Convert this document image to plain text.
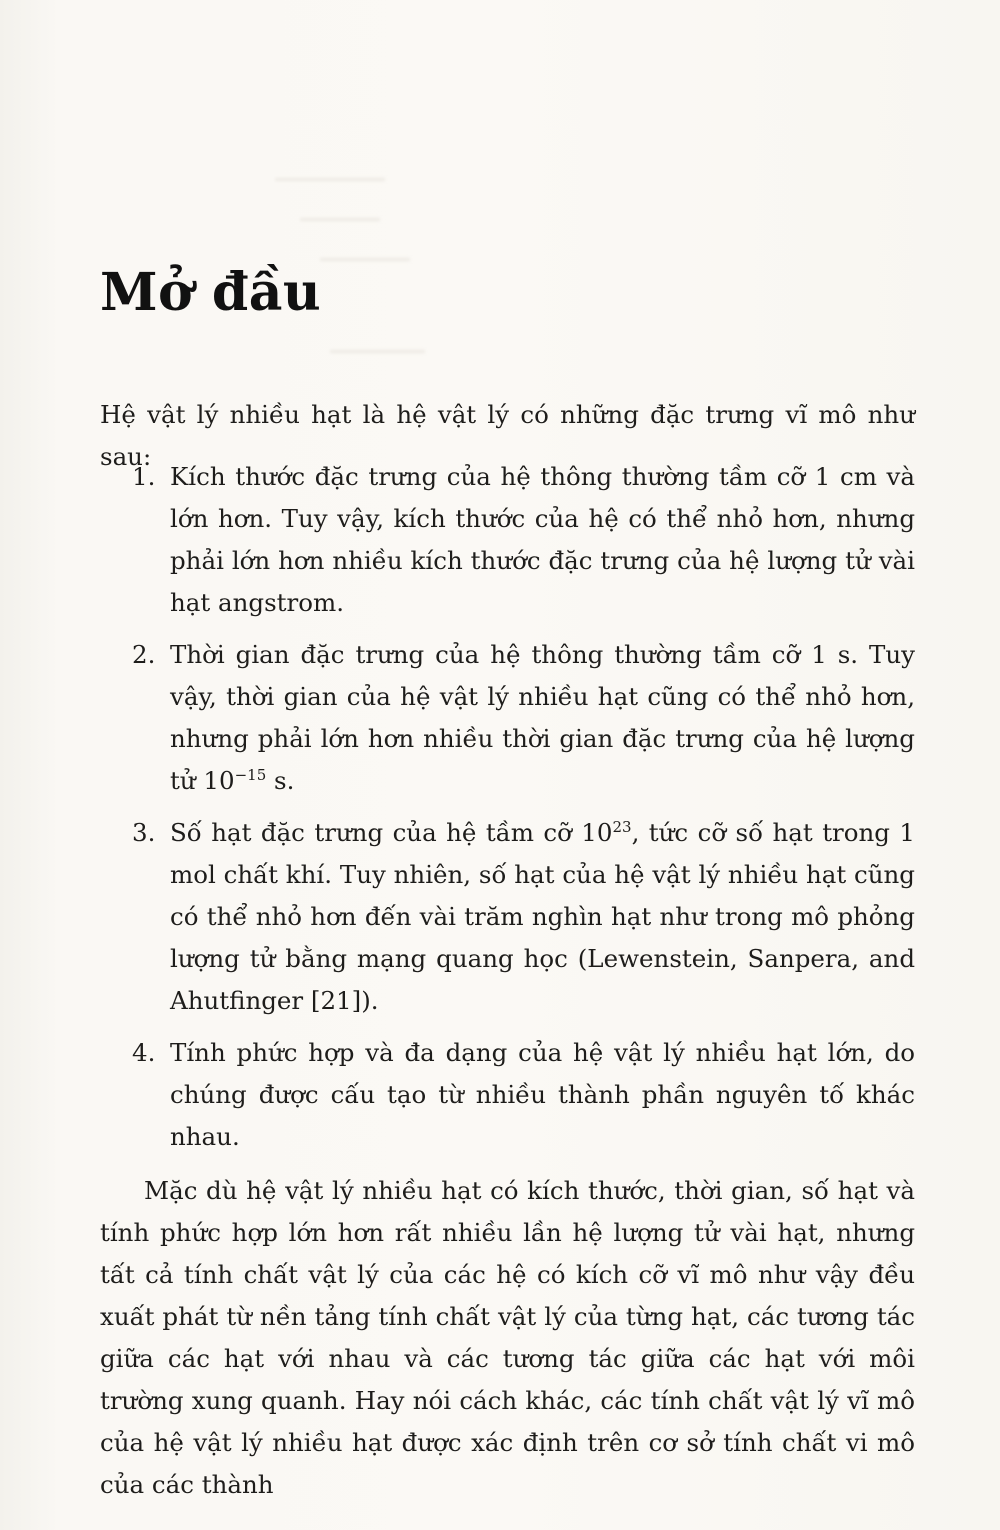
Mở đầu

Hệ vật lý nhiều hạt là hệ vật lý có những đặc trưng vĩ mô như sau:

1. Kích thước đặc trưng của hệ thông thường tầm cỡ 1 cm và lớn hơn. Tuy vậy, kích thước của hệ có thể nhỏ hơn, nhưng phải lớn hơn nhiều kích thước đặc trưng của hệ lượng tử vài hạt angstrom.
2. Thời gian đặc trưng của hệ thông thường tầm cỡ 1 s. Tuy vậy, thời gian của hệ vật lý nhiều hạt cũng có thể nhỏ hơn, nhưng phải lớn hơn nhiều thời gian đặc trưng của hệ lượng tử $10^{-15}$ s.
3. Số hạt đặc trưng của hệ tầm cỡ $10^{23}$, tức cỡ số hạt trong 1 mol chất khí. Tuy nhiên, số hạt của hệ vật lý nhiều hạt cũng có thể nhỏ hơn đến vài trăm nghìn hạt như trong mô phỏng lượng tử bằng mạng quang học (Lewenstein, Sanpera, and Ahutfinger [21]).
4. Tính phức hợp và đa dạng của hệ vật lý nhiều hạt lớn, do chúng được cấu tạo từ nhiều thành phần nguyên tố khác nhau.

Mặc dù hệ vật lý nhiều hạt có kích thước, thời gian, số hạt và tính phức hợp lớn hơn rất nhiều lần hệ lượng tử vài hạt, nhưng tất cả tính chất vật lý của các hệ có kích cỡ vĩ mô như vậy đều xuất phát từ nền tảng tính chất vật lý của từng hạt, các tương tác giữa các hạt với nhau và các tương tác giữa các hạt với môi trường xung quanh. Hay nói cách khác, các tính chất vật lý vĩ mô của hệ vật lý nhiều hạt được xác định trên cơ sở tính chất vi mô của các thành
